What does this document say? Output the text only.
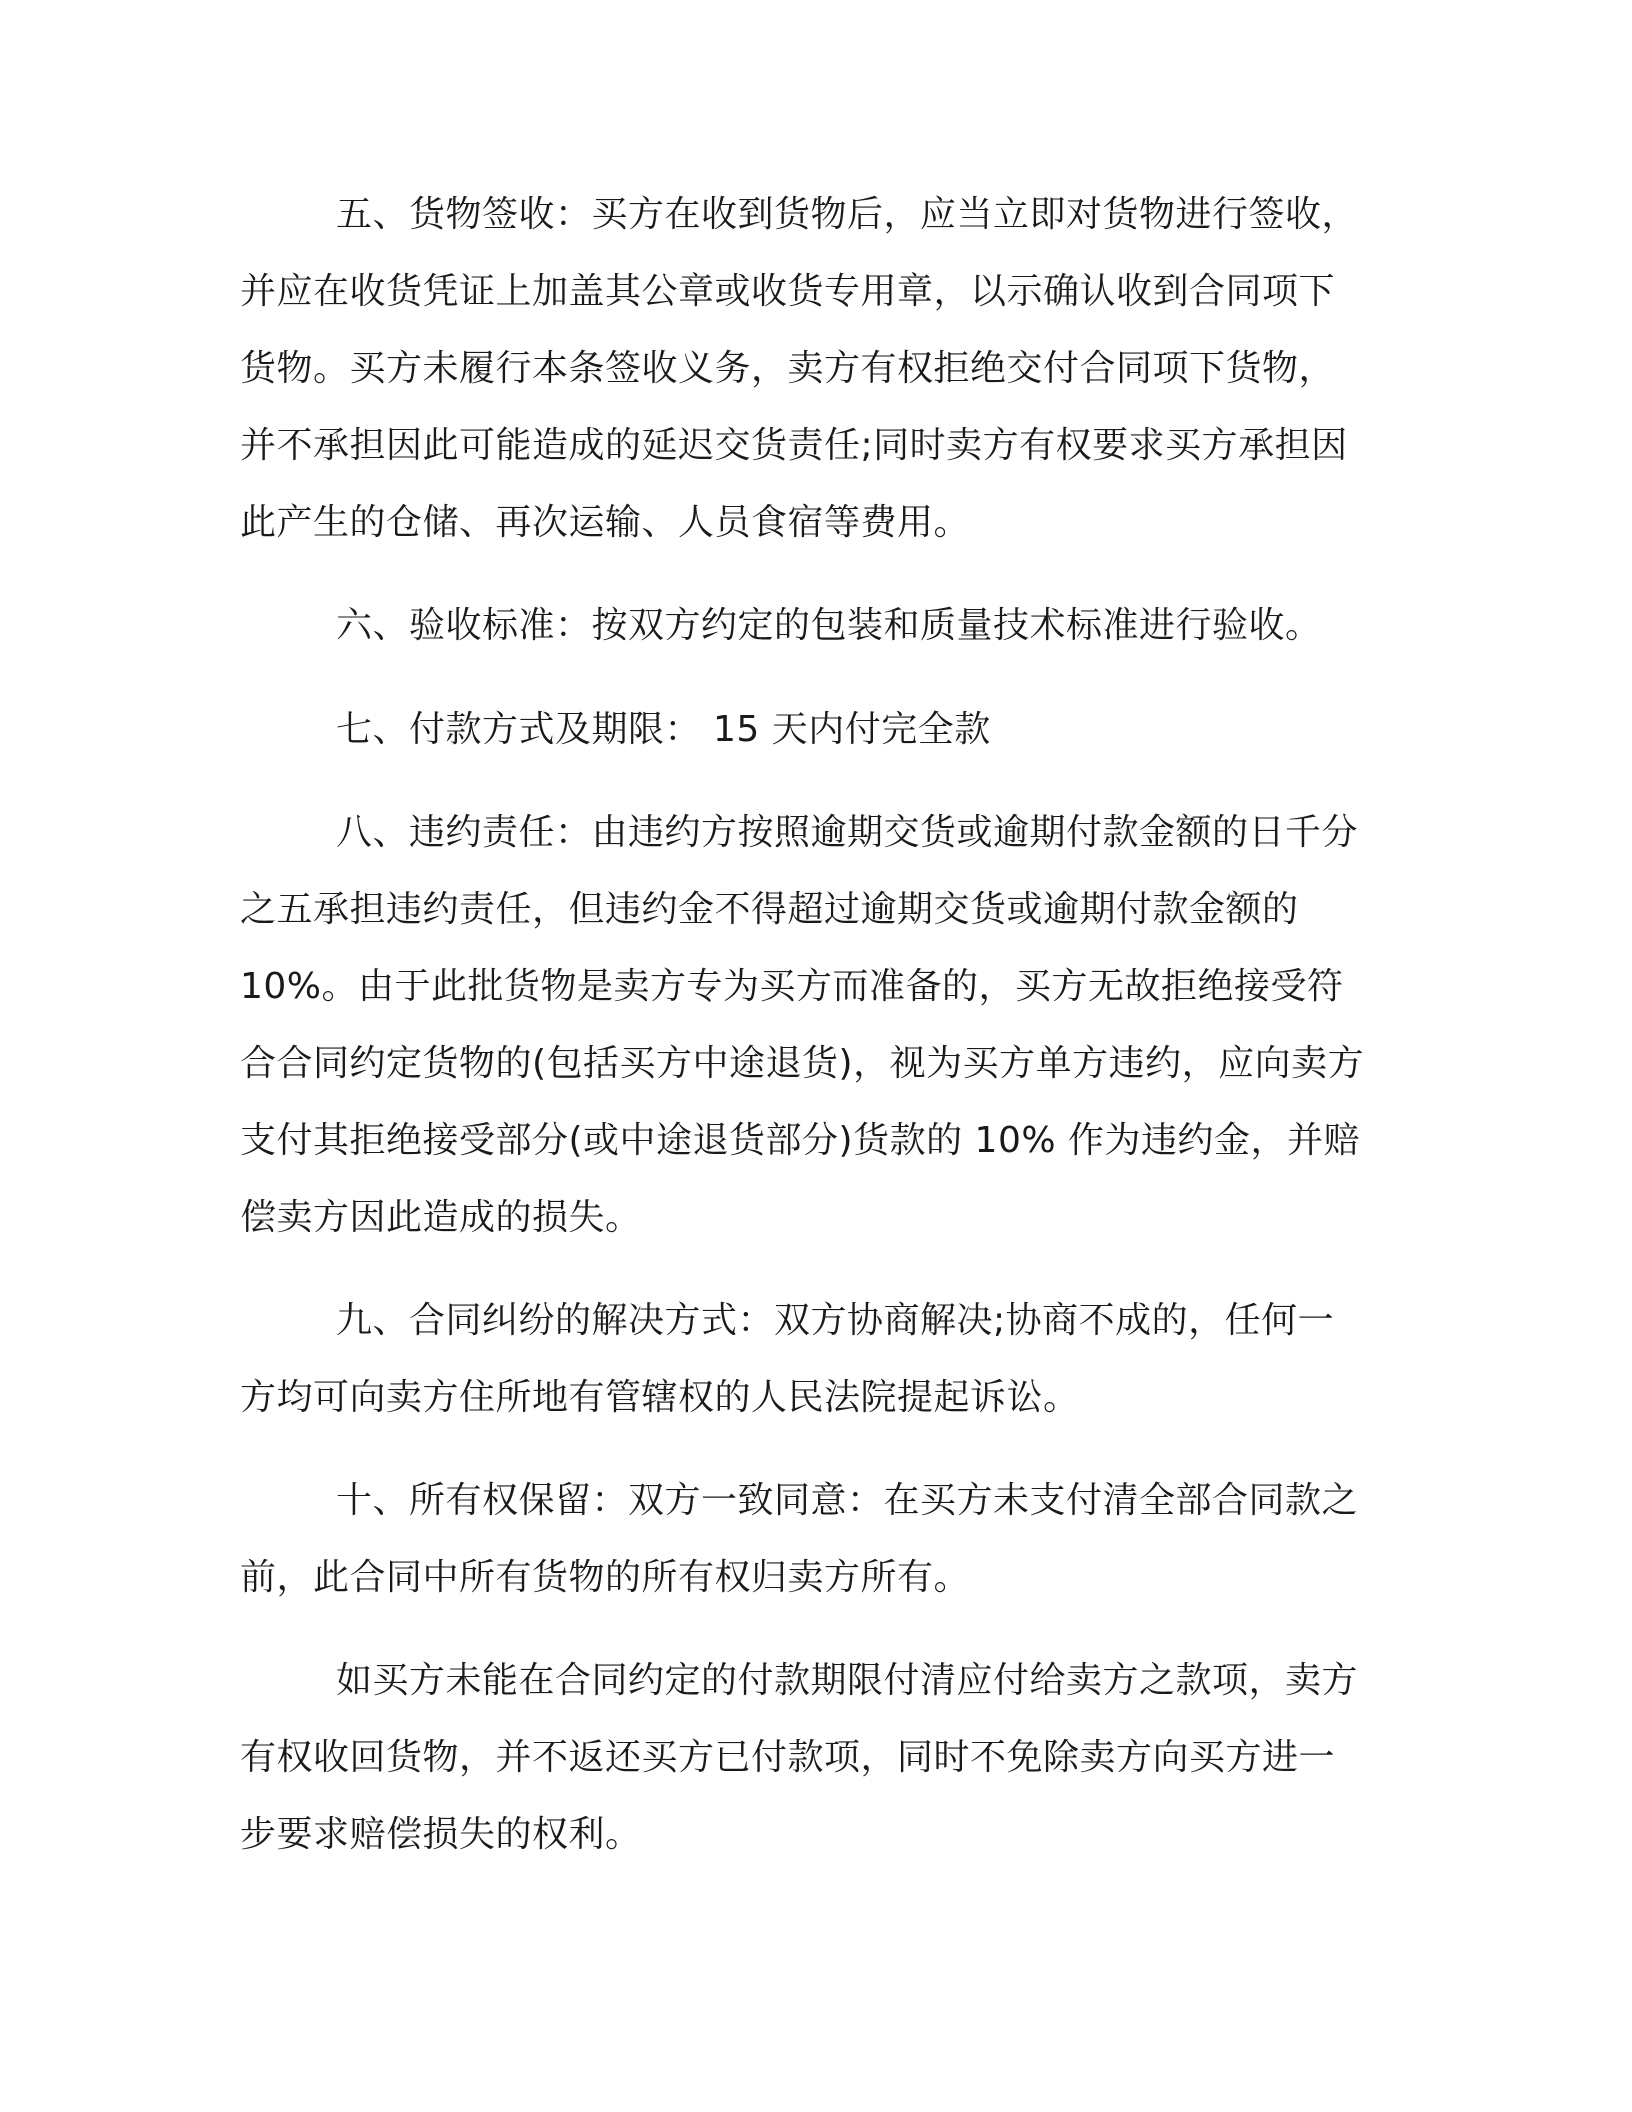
五、货物签收：买方在收到货物后，应当立即对货物进行签收，
并应在收货凭证上加盖其公章或收货专用章，以示确认收到合同项下
货物。买方未履行本条签收义务，卖方有权拒绝交付合同项下货物，
并不承担因此可能造成的延迟交货责任;同时卖方有权要求买方承担因
此产生的仓储、再次运输、人员食宿等费用。
六、验收标准：按双方约定的包装和质量技术标准进行验收。
七、付款方式及期限： 15 天内付完全款
八、违约责任：由违约方按照逾期交货或逾期付款金额的日千分
之五承担违约责任，但违约金不得超过逾期交货或逾期付款金额的
10%。由于此批货物是卖方专为买方而准备的，买方无故拒绝接受符
合合同约定货物的(包括买方中途退货)，视为买方单方违约，应向卖方
支付其拒绝接受部分(或中途退货部分)货款的 10% 作为违约金，并赔
偿卖方因此造成的损失。
九、合同纠纷的解决方式：双方协商解决;协商不成的，任何一
方均可向卖方住所地有管辖权的人民法院提起诉讼。
十、所有权保留：双方一致同意：在买方未支付清全部合同款之
前，此合同中所有货物的所有权归卖方所有。
如买方未能在合同约定的付款期限付清应付给卖方之款项，卖方
有权收回货物，并不返还买方已付款项，同时不免除卖方向买方进一
步要求赔偿损失的权利。
